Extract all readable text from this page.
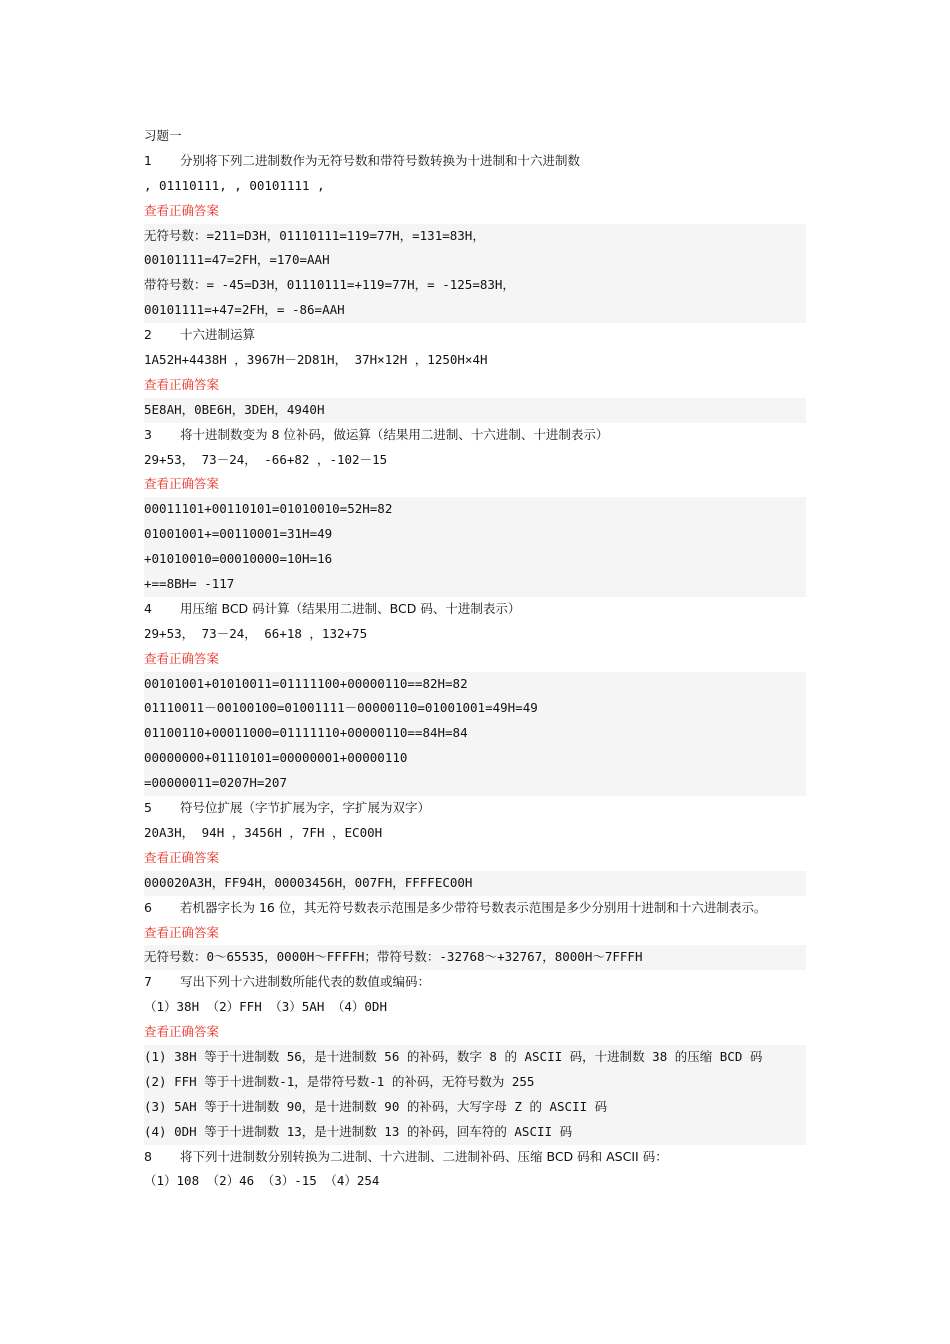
习题一
1 分别将下列二进制数作为无符号数和带符号数转换为十进制和十六进制数
, 01110111, , 00101111 ,
查看正确答案
无符号数：=211=D3H，01110111=119=77H，=131=83H，
00101111=47=2FH，=170=AAH
带符号数：= -45=D3H，01110111=+119=77H，= -125=83H，
00101111=+47=2FH，= -86=AAH
2 十六进制运算
1A52H+4438H ，3967H－2D81H， 37H×12H ，1250H×4H
查看正确答案
5E8AH，0BE6H，3DEH，4940H
3 将十进制数变为 8 位补码，做运算（结果用二进制、十六进制、十进制表示）
29+53， 73－24， -66+82 ，-102－15
查看正确答案
00011101+00110101=01010010=52H=82
01001001+=00110001=31H=49
+01010010=00010000=10H=16
+==8BH= -117
4 用压缩 BCD 码计算（结果用二进制、BCD 码、十进制表示）
29+53， 73－24， 66+18 ，132+75
查看正确答案
00101001+01010011=01111100+00000110==82H=82
01110011－00100100=01001111－00000110=01001001=49H=49
01100110+00011000=01111110+00000110==84H=84
00000000+01110101=00000001+00000110
=00000011=0207H=207
5 符号位扩展（字节扩展为字，字扩展为双字）
20A3H， 94H ，3456H ，7FH ，EC00H
查看正确答案
000020A3H，FF94H，00003456H，007FH，FFFFEC00H
6 若机器字长为 16 位，其无符号数表示范围是多少带符号数表示范围是多少分别用十进制和十六进制表示。
查看正确答案
无符号数：0～65535，0000H～FFFFH；带符号数：-32768～+32767，8000H～7FFFH
7 写出下列十六进制数所能代表的数值或编码：
（1）38H （2）FFH （3）5AH （4）0DH
查看正确答案
(1) 38H 等于十进制数 56，是十进制数 56 的补码，数字 8 的 ASCII 码，十进制数 38 的压缩 BCD 码
(2) FFH 等于十进制数-1，是带符号数-1 的补码，无符号数为 255
(3) 5AH 等于十进制数 90，是十进制数 90 的补码，大写字母 Z 的 ASCII 码
(4) 0DH 等于十进制数 13，是十进制数 13 的补码，回车符的 ASCII 码
8 将下列十进制数分别转换为二进制、十六进制、二进制补码、压缩 BCD 码和 ASCII 码：
（1）108 （2）46 （3）-15 （4）254
